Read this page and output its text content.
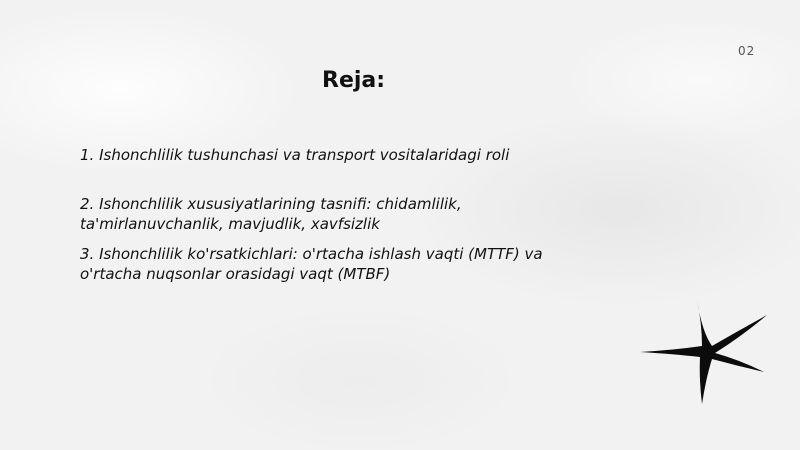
02
Reja:
1. Ishonchlilik tushunchasi va transport vositalaridagi roli
2. Ishonchlilik xususiyatlarining tasnifi: chidamlilik,
ta'mirlanuvchanlik, mavjudlik, xavfsizlik
3. Ishonchlilik ko'rsatkichlari: o'rtacha ishlash vaqti (MTTF) va
o'rtacha nuqsonlar orasidagi vaqt (MTBF)
